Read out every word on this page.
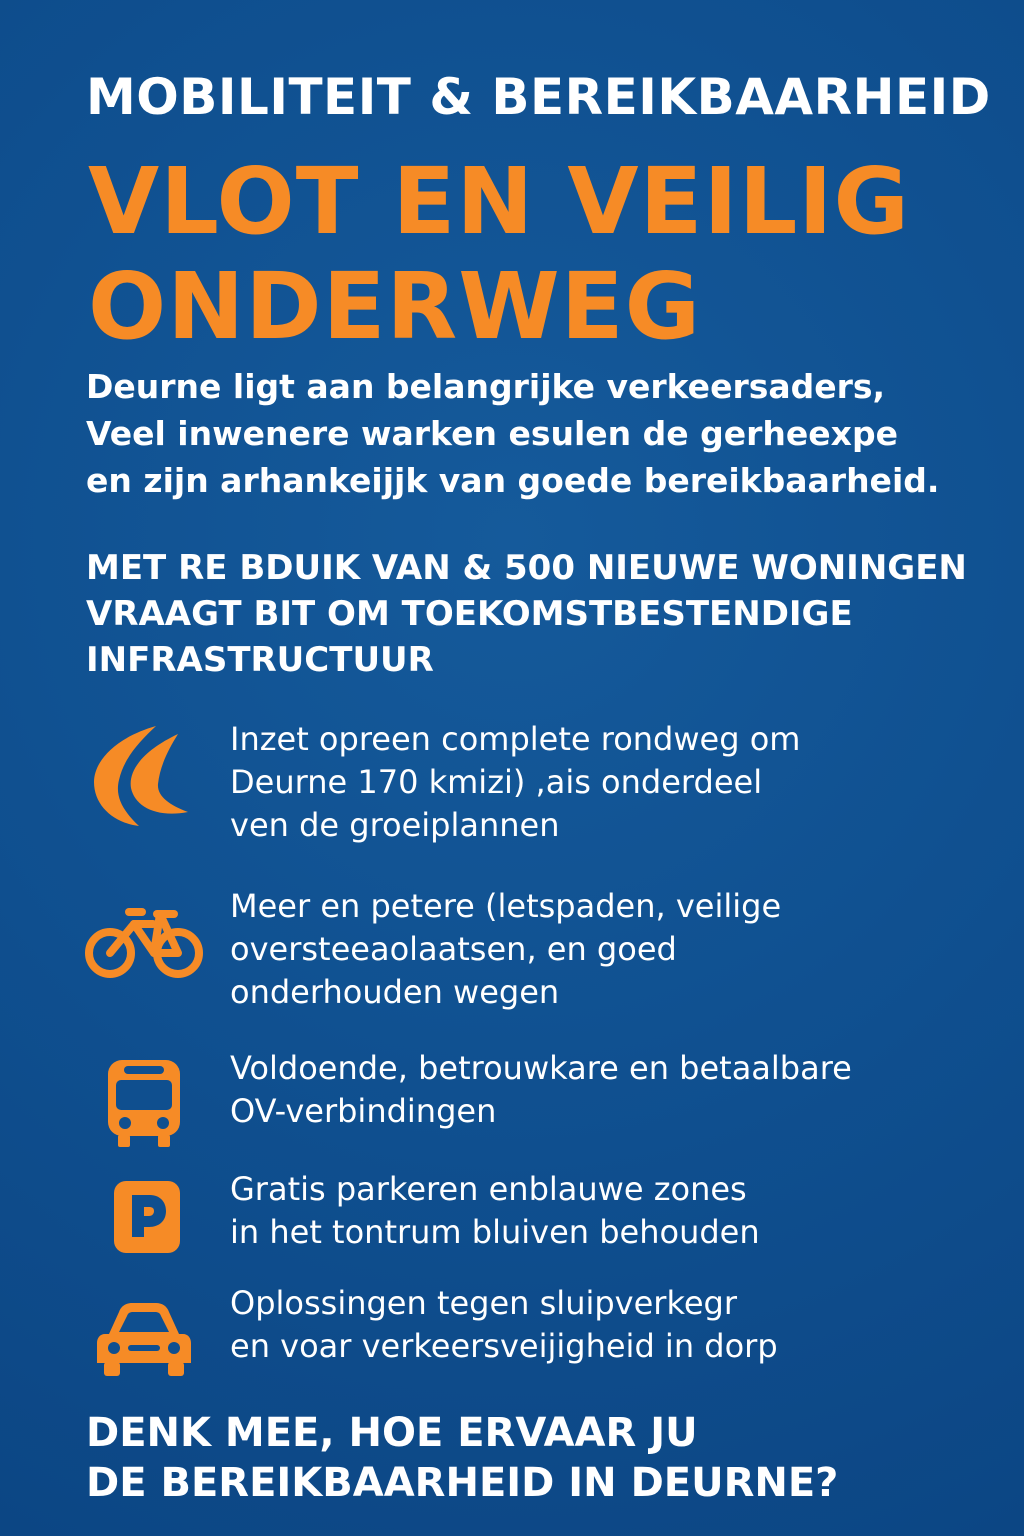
MOBILITEIT & BEREIKBAARHEID
VLOT EN VEILIG
ONDERWEG
Deurne ligt aan belangrijke verkeersaders,
Veel inwenere warken esulen de gerheexpe
en zijn arhankeijjk van goede bereikbaarheid.
MET RE BDUIK VAN & 500 NIEUWE WONINGEN
VRAAGT BIT OM TOEKOMSTBESTENDIGE
INFRASTRUCTUUR
Inzet opreen complete rondweg om
Deurne 170 kmizi) ,ais onderdeel
ven de groeiplannen
Meer en petere (letspaden, veilige
oversteeaolaatsen, en goed
onderhouden wegen
Voldoende, betrouwkare en betaalbare
OV-verbindingen
Gratis parkeren enblauwe zones
in het tontrum bluiven behouden
Oplossingen tegen sluipverkegr
en voar verkeersveijigheid in dorp
DENK MEE, HOE ERVAAR JU
DE BEREIKBAARHEID IN DEURNE?
